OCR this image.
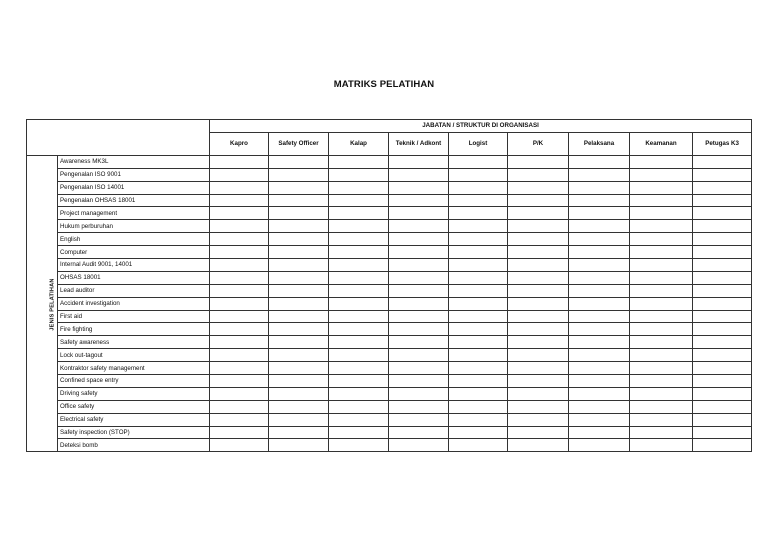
MATRIKS PELATIHAN
		JABATAN / STRUKTUR DI ORGANISASI								
		Kapro	Safety Officer	Kalap	Teknik / Adkont	Logist	P/K	Pelaksana	Keamanan	Petugas K3
JENIS PELATIHAN	Awareness MK3L									
	Pengenalan ISO 9001									
	Pengenalan ISO 14001									
	Pengenalan OHSAS 18001									
	Project management									
	Hukum perburuhan									
	English									
	Computer									
	Internal Audit 9001, 14001									
	OHSAS 18001									
	Lead auditor									
	Accident investigation									
	First aid									
	Fire fighting									
	Safety awareness									
	Lock out-tagout									
	Kontraktor safety management									
	Confined space entry									
	Driving safety									
	Office safety									
	Electrical safety									
	Safety inspection (STOP)									
	Deteksi bomb									
